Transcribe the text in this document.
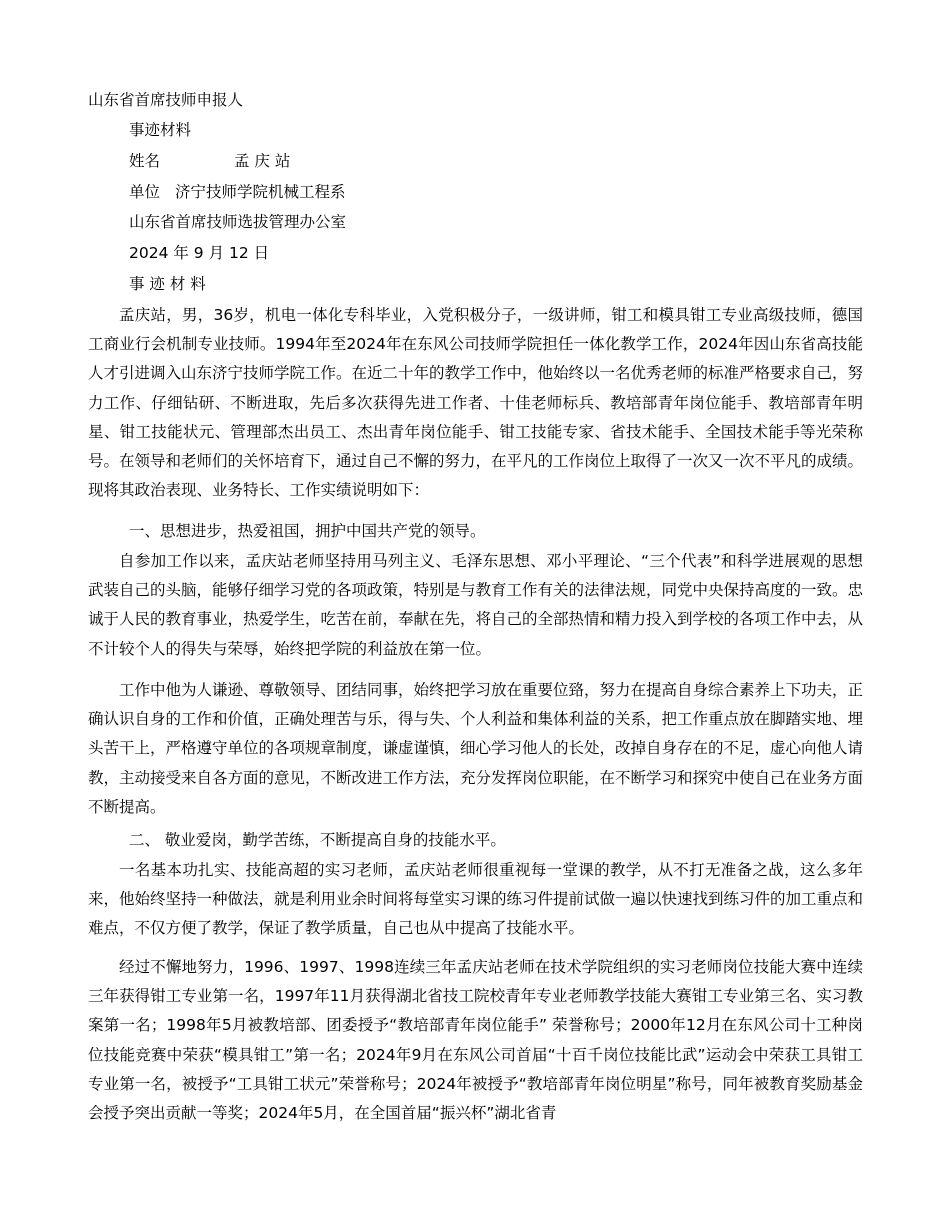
山东省首席技师申报人
事迹材料
姓名	孟 庆 站
单位 济宁技师学院机械工程系
山东省首席技师选拔管理办公室
2024 年 9 月 12 日
事 迹 材 料

孟庆站，男，36岁，机电一体化专科毕业，入党积极分子，一级讲师，钳工和模具钳工专业高级技师，德国工商业行会机制专业技师。1994年至2024年在东风公司技师学院担任一体化教学工作，2024年因山东省高技能人才引进调入山东济宁技师学院工作。在近二十年的教学工作中，他始终以一名优秀老师的标准严格要求自己，努力工作、仔细钻研、不断进取，先后多次获得先进工作者、十佳老师标兵、教培部青年岗位能手、教培部青年明星、钳工技能状元、管理部杰出员工、杰出青年岗位能手、钳工技能专家、省技术能手、全国技术能手等光荣称号。在领导和老师们的关怀培育下，通过自己不懈的努力，在平凡的工作岗位上取得了一次又一次不平凡的成绩。现将其政治表现、业务特长、工作实绩说明如下：

一、思想进步，热爱祖国，拥护中国共产党的领导。

自参加工作以来，孟庆站老师坚持用马列主义、毛泽东思想、邓小平理论、“三个代表”和科学进展观的思想武装自己的头脑，能够仔细学习党的各项政策，特别是与教育工作有关的法律法规，同党中央保持高度的一致。忠诚于人民的教育事业，热爱学生，吃苦在前，奉献在先，将自己的全部热情和精力投入到学校的各项工作中去，从不计较个人的得失与荣辱，始终把学院的利益放在第一位。

工作中他为人谦逊、尊敬领导、团结同事，始终把学习放在重要位臵，努力在提高自身综合素养上下功夫，正确认识自身的工作和价值，正确处理苦与乐，得与失、个人利益和集体利益的关系，把工作重点放在脚踏实地、埋头苦干上，严格遵守单位的各项规章制度，谦虚谨慎，细心学习他人的长处，改掉自身存在的不足，虚心向他人请教，主动接受来自各方面的意见，不断改进工作方法，充分发挥岗位职能，在不断学习和探究中使自己在业务方面不断提高。

二、 敬业爱岗，勤学苦练，不断提高自身的技能水平。

一名基本功扎实、技能高超的实习老师，孟庆站老师很重视每一堂课的教学，从不打无准备之战，这么多年来，他始终坚持一种做法，就是利用业余时间将每堂实习课的练习件提前试做一遍以快速找到练习件的加工重点和难点，不仅方便了教学，保证了教学质量，自己也从中提高了技能水平。

经过不懈地努力，1996、1997、1998连续三年孟庆站老师在技术学院组织的实习老师岗位技能大赛中连续三年获得钳工专业第一名，1997年11月获得湖北省技工院校青年专业老师教学技能大赛钳工专业第三名、实习教案第一名；1998年5月被教培部、团委授予“教培部青年岗位能手” 荣誉称号；2000年12月在东风公司十工种岗位技能竞赛中荣获“模具钳工”第一名；2024年9月在东风公司首届“十百千岗位技能比武”运动会中荣获工具钳工专业第一名，被授予“工具钳工状元”荣誉称号；2024年被授予“教培部青年岗位明星”称号，同年被教育奖励基金会授予突出贡献一等奖；2024年5月，在全国首届“振兴杯”湖北省青
